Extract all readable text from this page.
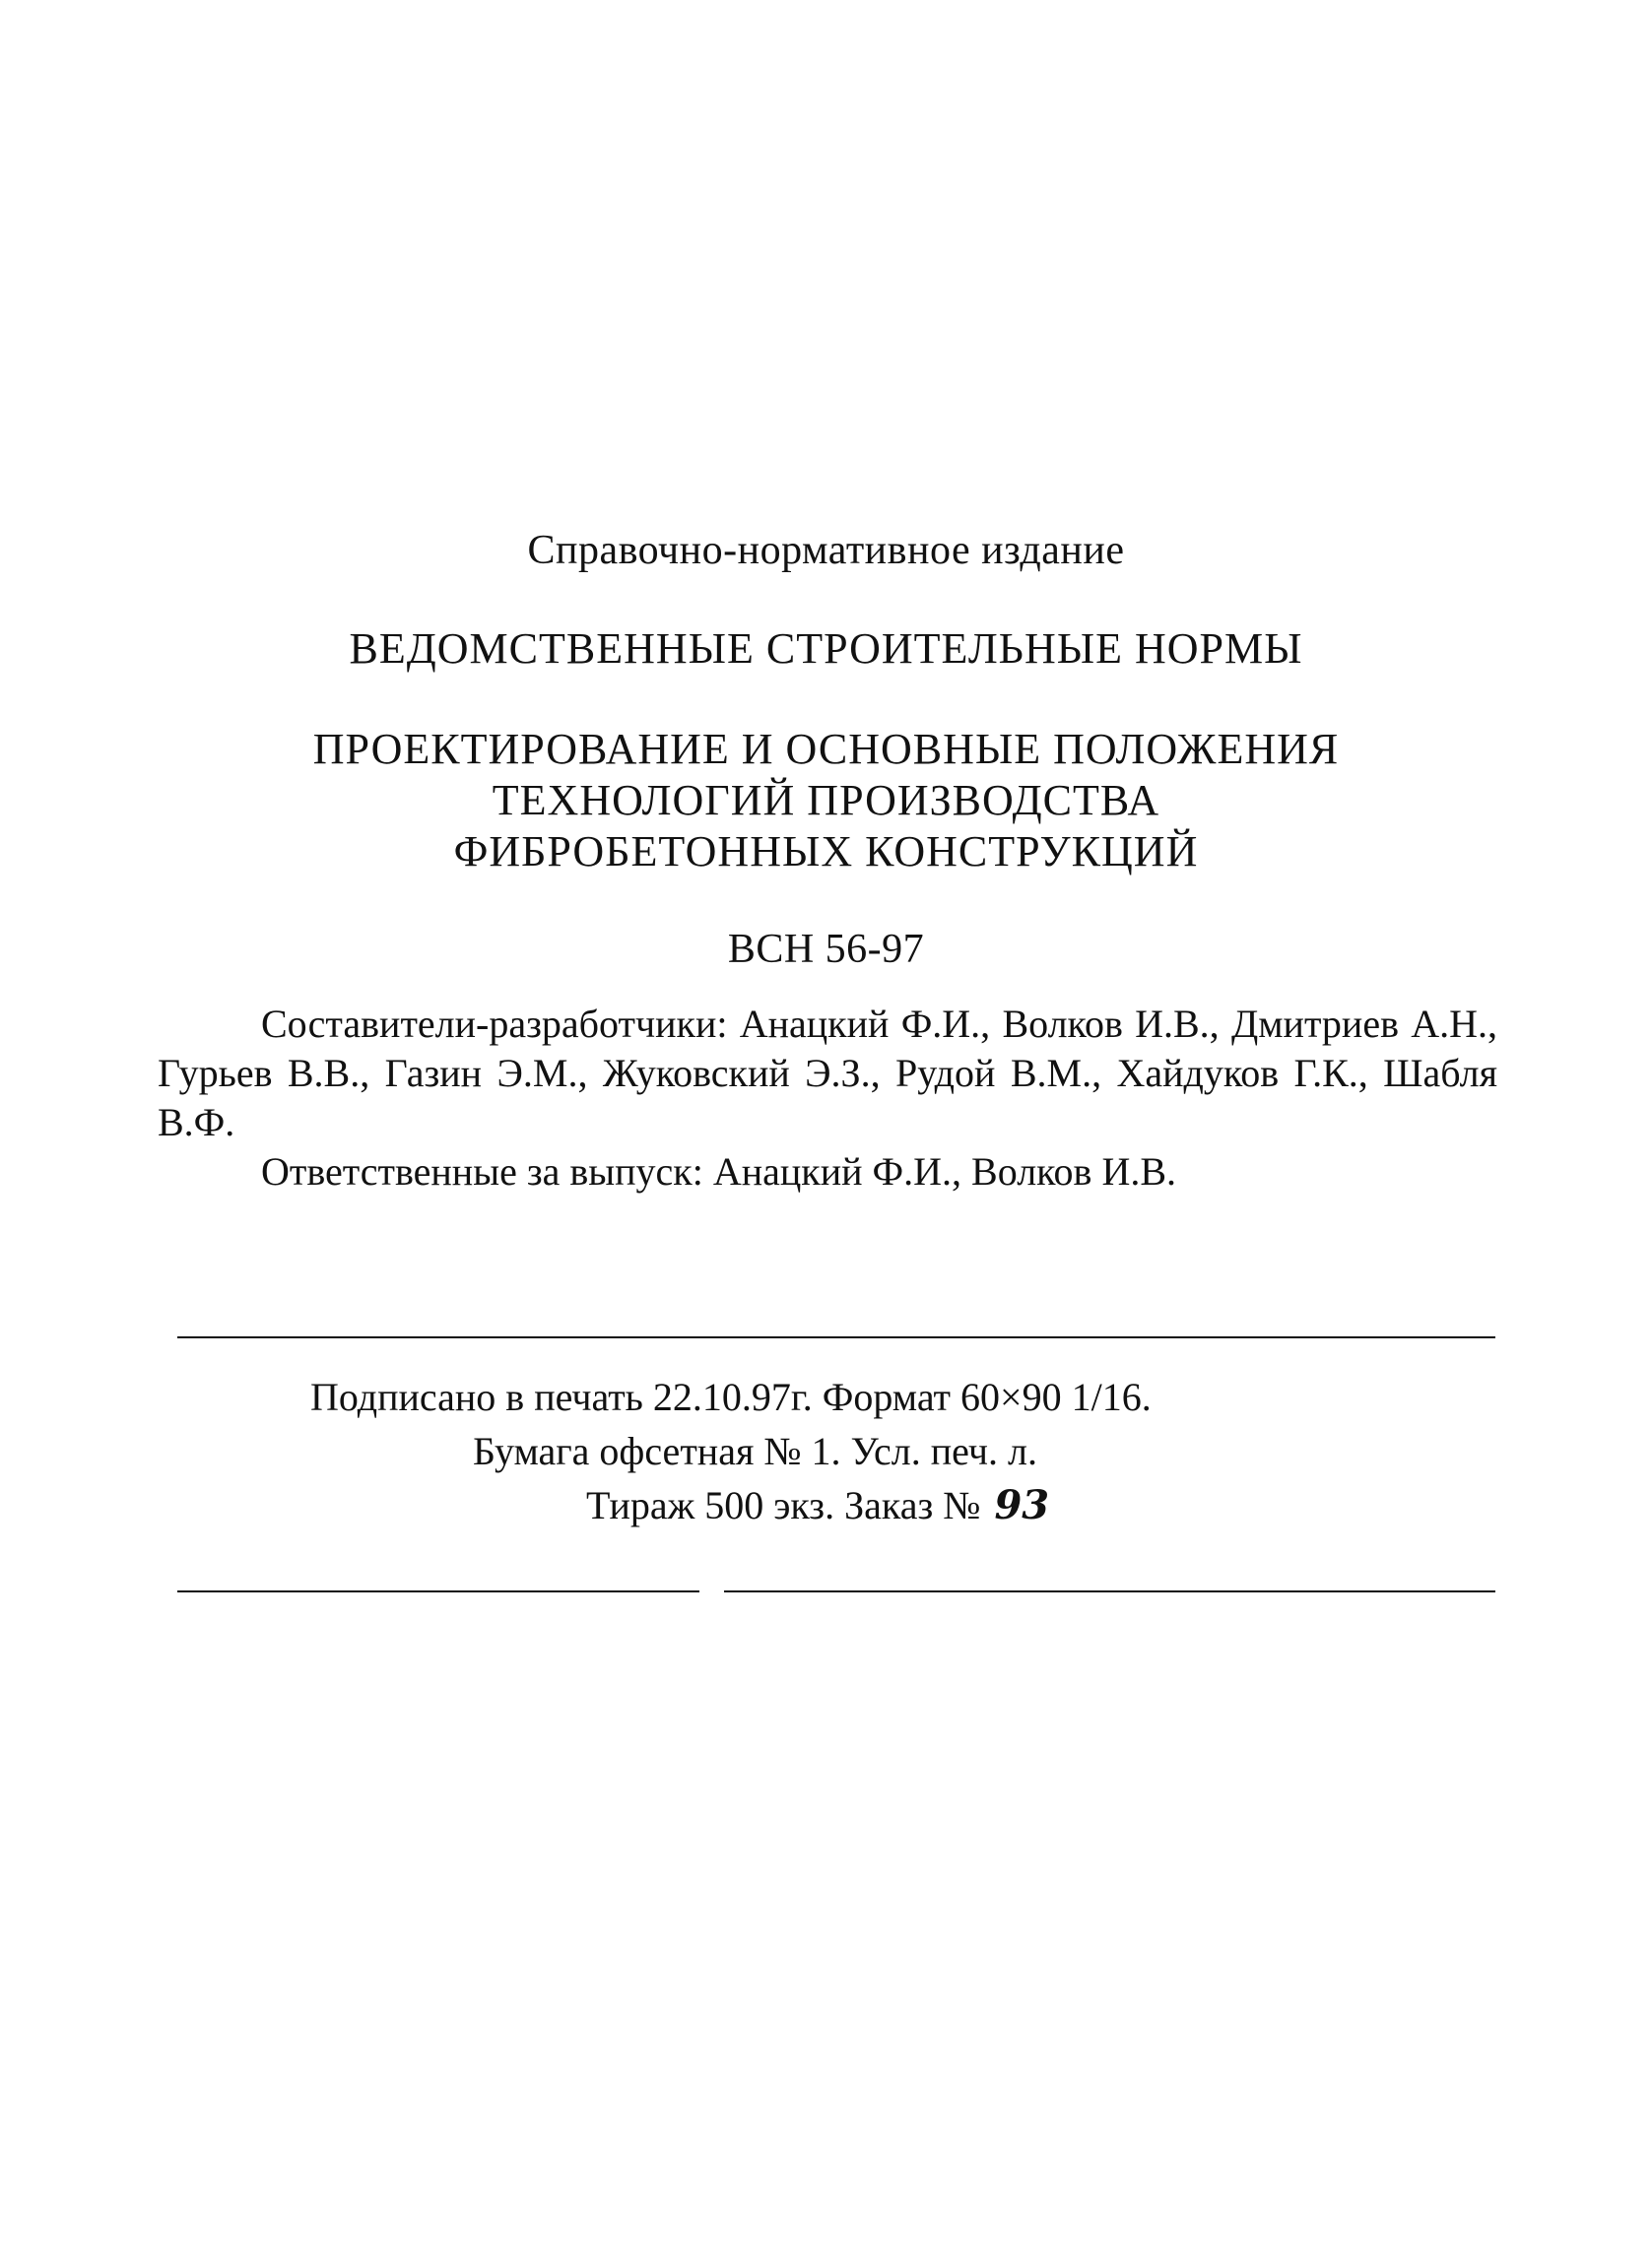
Справочно-нормативное издание
ВЕДОМСТВЕННЫЕ СТРОИТЕЛЬНЫЕ НОРМЫ
ПРОЕКТИРОВАНИЕ И ОСНОВНЫЕ ПОЛОЖЕНИЯ
ТЕХНОЛОГИЙ ПРОИЗВОДСТВА
ФИБРОБЕТОННЫХ КОНСТРУКЦИЙ
ВСН 56-97
Составители-разработчики: Анацкий Ф.И., Волков И.В., Дмитриев А.Н., Гурьев В.В., Газин Э.М., Жуковский Э.З., Рудой В.М., Хайдуков Г.К., Шабля В.Ф.
Ответственные за выпуск: Анацкий Ф.И., Волков И.В.
Подписано в печать 22.10.97г. Формат 60×90 1/16.
Бумага офсетная № 1. Усл. печ. л.
Тираж 500 экз. Заказ № 93
